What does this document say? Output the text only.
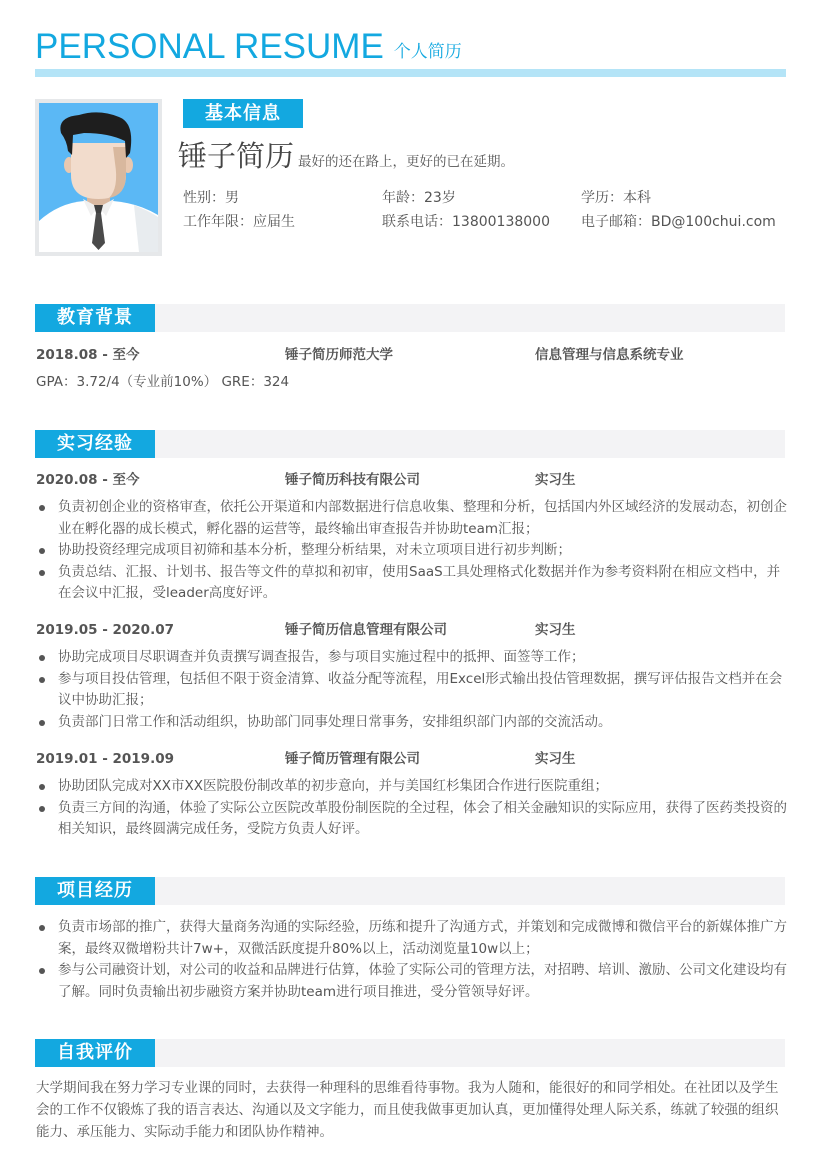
PERSONAL RESUME 个人简历
基本信息
锤子简历 最好的还在路上，更好的已在延期。
性别：男	年龄：23岁	学历：本科
工作年限：应届生	联系电话：13800138000	电子邮箱：BD@100chui.com
教育背景
2018.08 - 至今	锤子简历师范大学	信息管理与信息系统专业
GPA：3.72/4（专业前10%） GRE：324
实习经验
2020.08 - 至今	锤子简历科技有限公司	实习生
负责初创企业的资格审查，依托公开渠道和内部数据进行信息收集、整理和分析，包括国内外区域经济的发展动态，初创企业在孵化器的成长模式，孵化器的运营等，最终输出审查报告并协助team汇报；
协助投资经理完成项目初筛和基本分析，整理分析结果，对未立项项目进行初步判断；
负责总结、汇报、计划书、报告等文件的草拟和初审，使用SaaS工具处理格式化数据并作为参考资料附在相应文档中，并在会议中汇报，受leader高度好评。
2019.05 - 2020.07	锤子简历信息管理有限公司	实习生
协助完成项目尽职调查并负责撰写调查报告，参与项目实施过程中的抵押、面签等工作；
参与项目投估管理，包括但不限于资金清算、收益分配等流程，用Excel形式输出投估管理数据，撰写评估报告文档并在会议中协助汇报；
负责部门日常工作和活动组织，协助部门同事处理日常事务，安排组织部门内部的交流活动。
2019.01 - 2019.09	锤子简历管理有限公司	实习生
协助团队完成对XX市XX医院股份制改革的初步意向，并与美国红杉集团合作进行医院重组；
负责三方间的沟通，体验了实际公立医院改革股份制医院的全过程，体会了相关金融知识的实际应用，获得了医药类投资的相关知识，最终圆满完成任务，受院方负责人好评。
项目经历
负责市场部的推广，获得大量商务沟通的实际经验，历练和提升了沟通方式，并策划和完成微博和微信平台的新媒体推广方案，最终双微增粉共计7w+，双微活跃度提升80%以上，活动浏览量10w以上；
参与公司融资计划，对公司的收益和品牌进行估算，体验了实际公司的管理方法，对招聘、培训、激励、公司文化建设均有了解。同时负责输出初步融资方案并协助team进行项目推进，受分管领导好评。
自我评价
大学期间我在努力学习专业课的同时，去获得一种理科的思维看待事物。我为人随和，能很好的和同学相处。在社团以及学生会的工作不仅锻炼了我的语言表达、沟通以及文字能力，而且使我做事更加认真，更加懂得处理人际关系，练就了较强的组织能力、承压能力、实际动手能力和团队协作精神。
